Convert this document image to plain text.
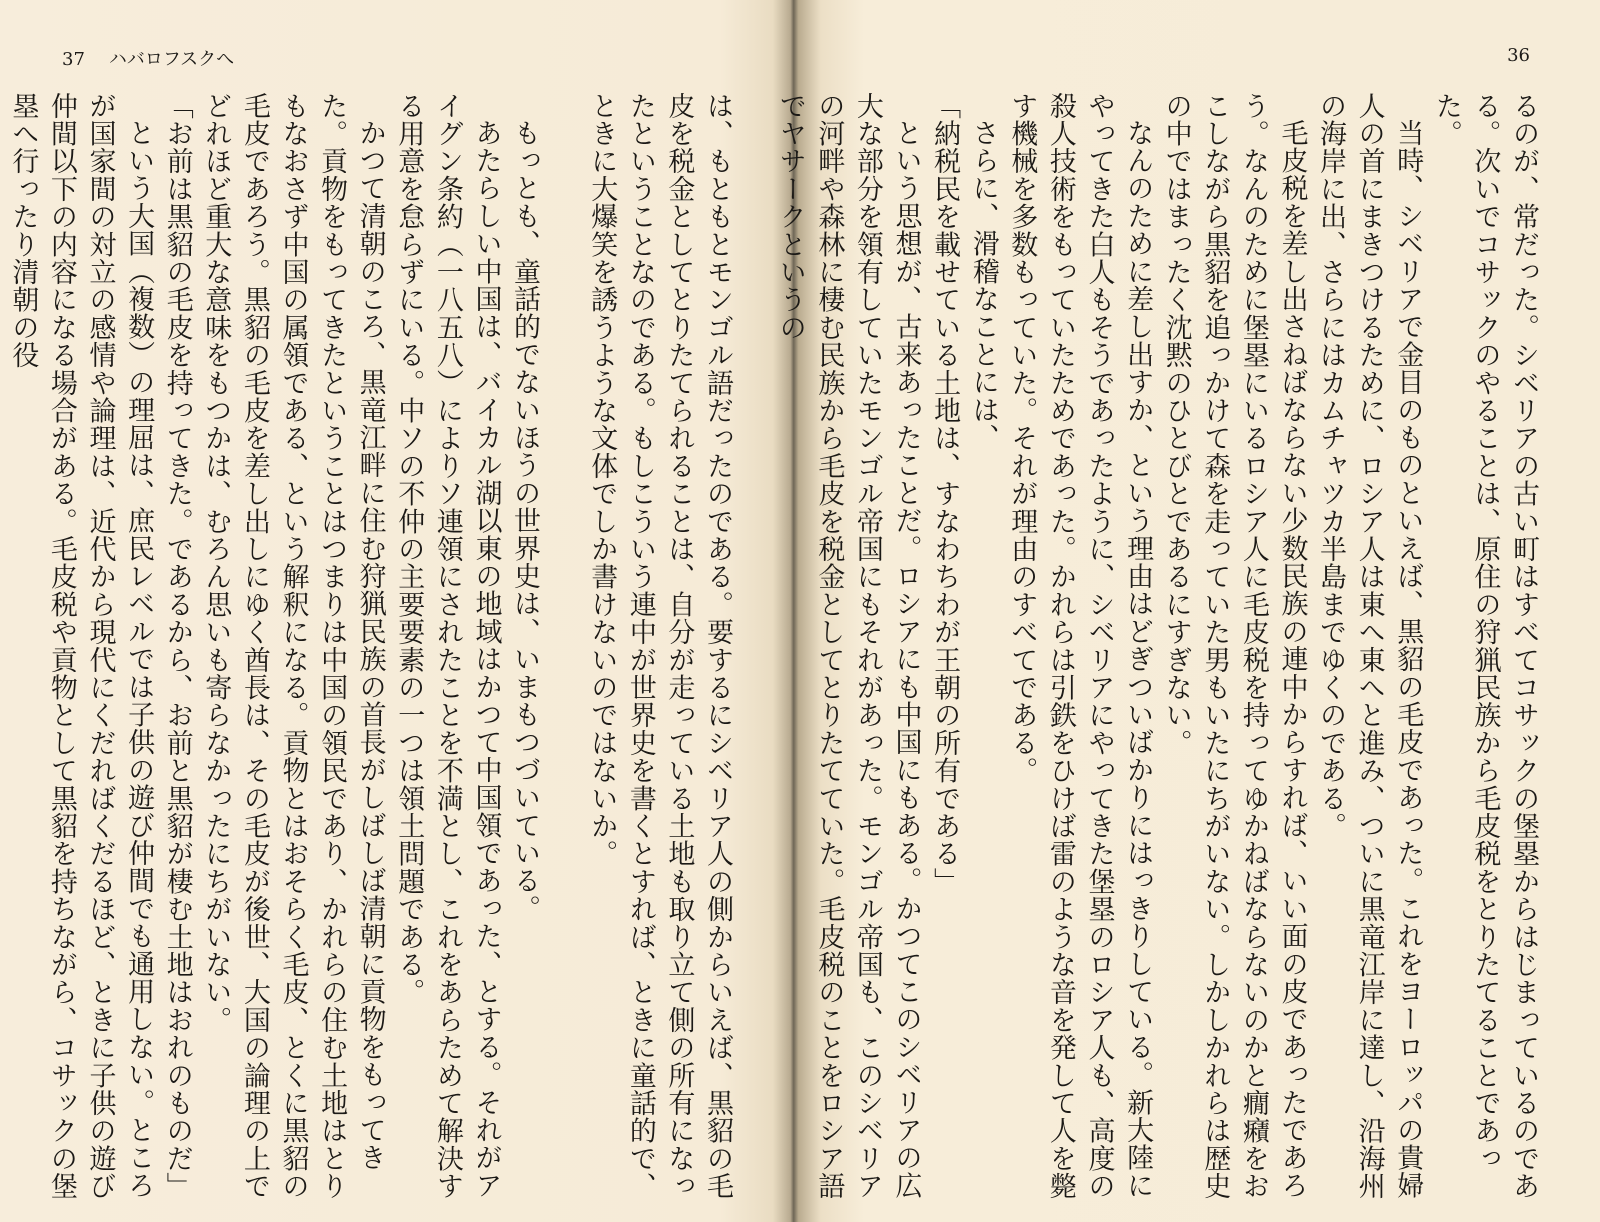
37 ハバロフスクへ

は、もともとモンゴル語だったのである。要するにシベリア人の側からいえば、黒貂の毛皮を税金としてとりたてられることは、自分が走っている土地も取り立て側の所有になったということなのである。もしこういう連中が世界史を書くとすれば、ときに童話的で、ときに大爆笑を誘うような文体でしか書けないのではないか。

もっとも、童話的でないほうの世界史は、いまもつづいている。

あたらしい中国は、バイカル湖以東の地域はかつて中国領であった、とする。それがアイグン条約（一八五八）によりソ連領にされたことを不満とし、これをあらためて解決する用意を怠らずにいる。中ソの不仲の主要要素の一つは領土問題である。

かつて清朝のころ、黒竜江畔に住む狩猟民族の首長がしばしば清朝に貢物をもってきた。貢物をもってきたということはつまりは中国の領民であり、かれらの住む土地はとりもなおさず中国の属領である、という解釈になる。貢物とはおそらく毛皮、とくに黒貂の毛皮であろう。黒貂の毛皮を差し出しにゆく酋長は、その毛皮が後世、大国の論理の上でどれほど重大な意味をもつかは、むろん思いも寄らなかったにちがいない。

「お前は黒貂の毛皮を持ってきた。であるから、お前と黒貂が棲む土地はおれのものだ」

という大国（複数）の理屈は、庶民レベルでは子供の遊び仲間でも通用しない。ところが国家間の対立の感情や論理は、近代から現代にくだればくだるほど、ときに子供の遊び仲間以下の内容になる場合がある。毛皮税や貢物として黒貂を持ちながら、コサックの堡塁へ行ったり清朝の役

36

るのが、常だった。シベリアの古い町はすべてコサックの堡塁からはじまっているのである。次いでコサックのやることは、原住の狩猟民族から毛皮税をとりたてることであった。

当時、シベリアで金目のものといえば、黒貂の毛皮であった。これをヨーロッパの貴婦人の首にまきつけるために、ロシア人は東へ東へと進み、ついに黒竜江岸に達し、沿海州の海岸に出、さらにはカムチャツカ半島までゆくのである。

毛皮税を差し出さねばならない少数民族の連中からすれば、いい面の皮であったであろう。なんのために堡塁にいるロシア人に毛皮税を持ってゆかねばならないのかと癇癪をおこしながら黒貂を追っかけて森を走っていた男もいたにちがいない。しかしかれらは歴史の中ではまったく沈黙のひとびとであるにすぎない。

なんのために差し出すか、という理由はどぎついばかりにはっきりしている。新大陸にやってきた白人もそうであったように、シベリアにやってきた堡塁のロシア人も、高度の殺人技術をもっていたためであった。かれらは引鉄をひけば雷のような音を発して人を斃す機械を多数もっていた。それが理由のすべてである。

さらに、滑稽なことには、

「納税民を載せている土地は、すなわちわが王朝の所有である」

という思想が、古来あったことだ。ロシアにも中国にもある。かつてこのシベリアの広大な部分を領有していたモンゴル帝国にもそれがあった。モンゴル帝国も、このシベリアの河畔や森林に棲む民族から毛皮を税金としてとりたてていた。毛皮税のことをロシア語でヤサークというの
